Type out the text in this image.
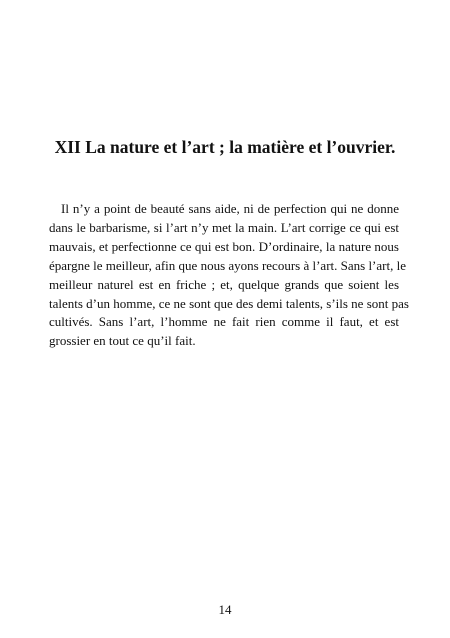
XII La nature et l’art ; la matière et l’ouvrier.

Il n’y a point de beauté sans aide, ni de perfection qui ne donne
dans le barbarisme, si l’art n’y met la main. L’art corrige ce qui est
mauvais, et perfectionne ce qui est bon. D’ordinaire, la nature nous
épargne le meilleur, afin que nous ayons recours à l’art. Sans l’art, le
meilleur naturel est en friche ; et, quelque grands que soient les
talents d’un homme, ce ne sont que des demi talents, s’ils ne sont pas
cultivés. Sans l’art, l’homme ne fait rien comme il faut, et est
grossier en tout ce qu’il fait.

14
